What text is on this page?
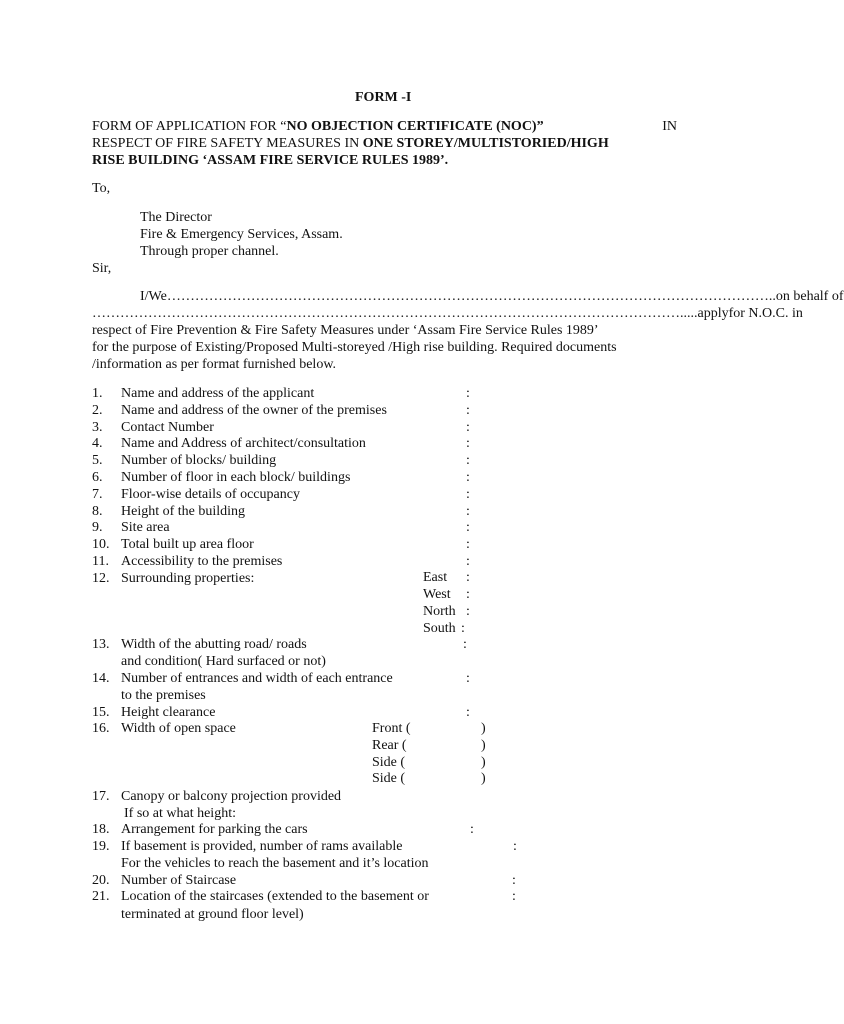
FORM -I
FORM OF APPLICATION FOR “NO OBJECTION CERTIFICATE (NOC)”	IN
RESPECT OF FIRE SAFETY MEASURES IN ONE STOREY/MULTISTORIED/HIGH
RISE BUILDING ‘ASSAM FIRE SERVICE RULES 1989’.
To,
The Director
Fire & Emergency Services, Assam.
Through proper channel.
Sir,
I/We………………………………………………………………………………………………………………….. on behalf of
………………………………………………………………………………………………………………..... apply for N.O.C. in
respect of Fire Prevention & Fire Safety Measures under ‘Assam Fire Service Rules 1989’
for the purpose of Existing/Proposed Multi-storeyed /High rise building. Required documents
/information as per format furnished below.
1. Name and address of the applicant	:
2. Name and address of the owner of the premises	:
3. Contact Number	:
4. Name and Address of architect/consultation	:
5. Number of blocks/ building	:
6. Number of floor in each block/ buildings	:
7. Floor-wise details of occupancy	:
8. Height of the building	:
9. Site area	:
10. Total built up area floor	:
11. Accessibility to the premises	:
12. Surrounding properties:	East :
West :
North :
South :
13. Width of the abutting road/ roads
and condition( Hard surfaced or not)
:
14. Number of entrances and width of each entrance
to the premises
:
15. Height clearance	:
16. Width of open space	Front (	)
Rear (	)
Side (	)
Side (	)
17. Canopy or balcony projection provided
If so at what height:
18. Arrangement for parking the cars	:
19. If basement is provided, number of rams available
For the vehicles to reach the basement and it’s location
:
20. Number of Staircase	:
21. Location of the staircases (extended to the basement or
terminated at ground floor level)
:
